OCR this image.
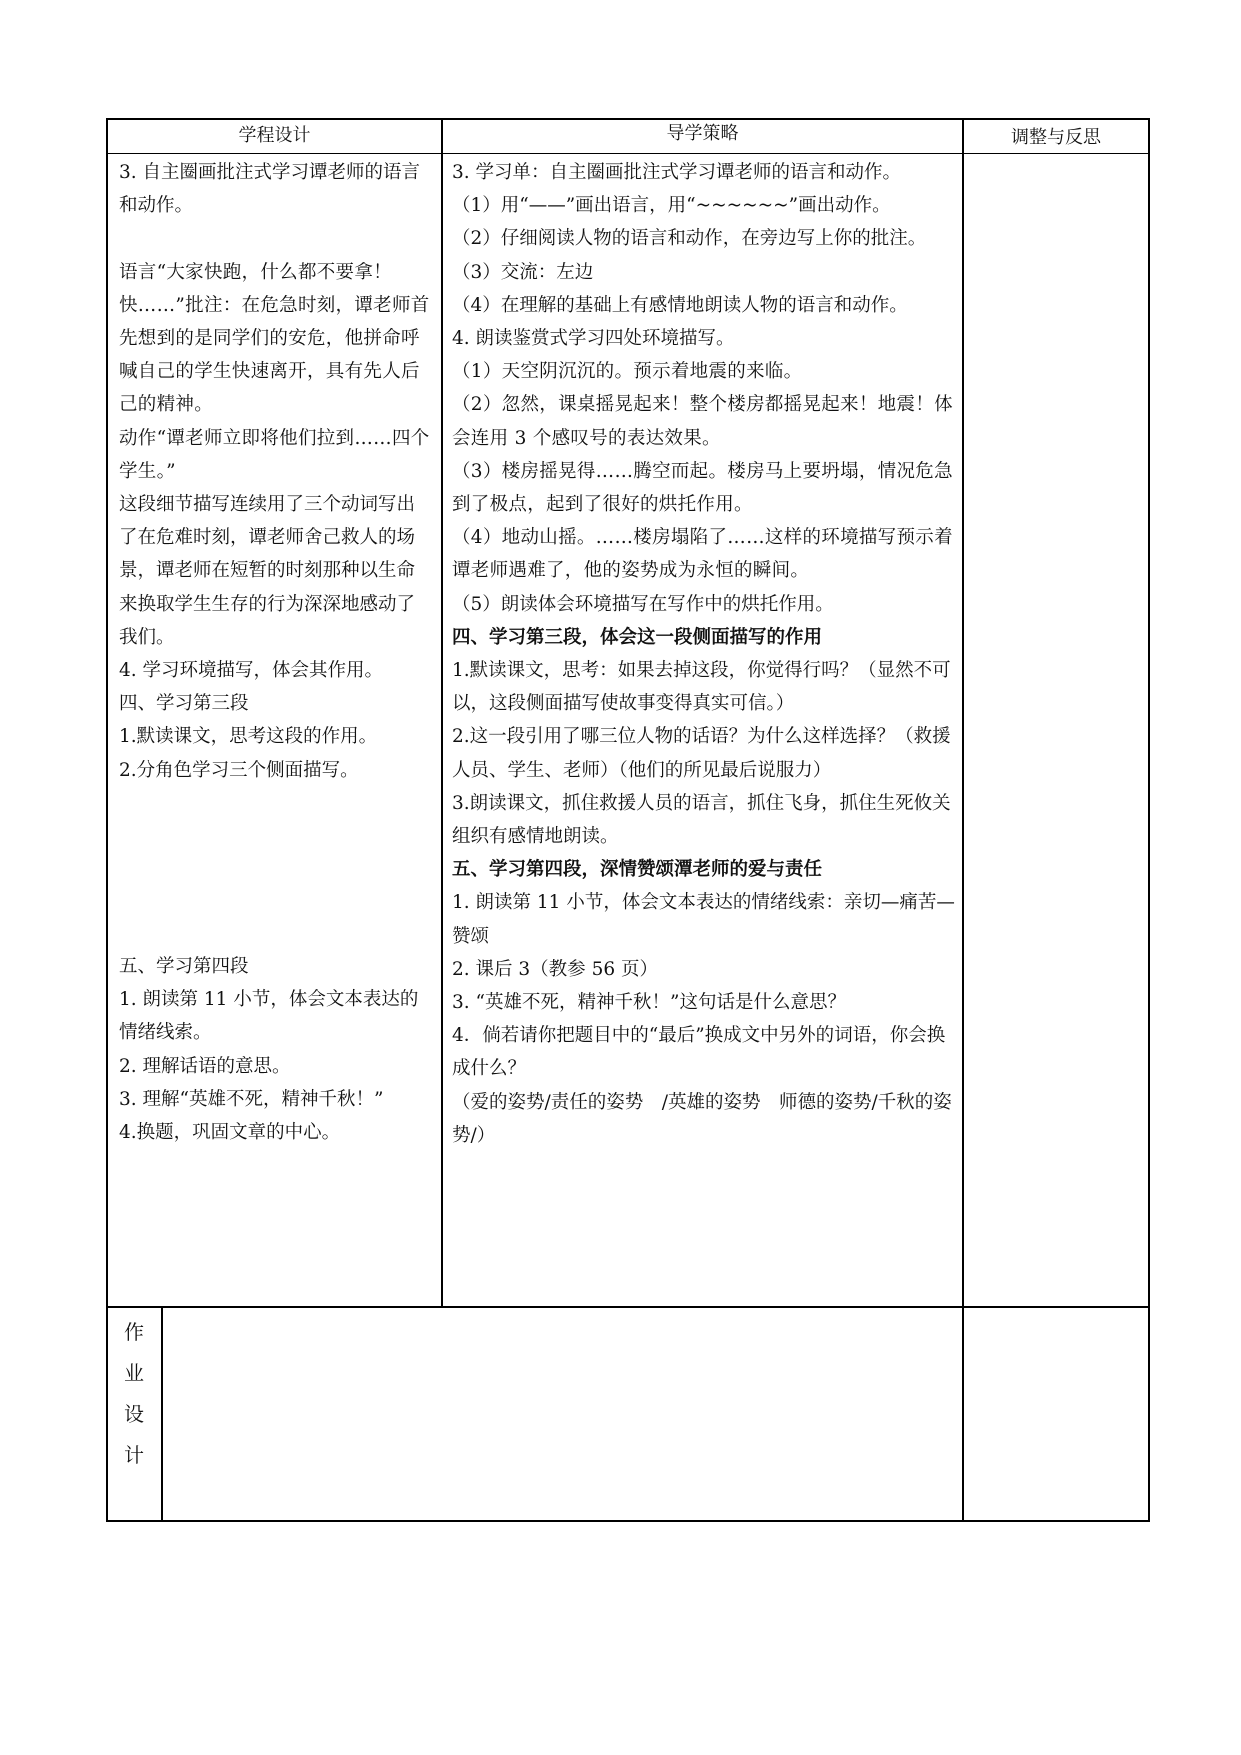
学程设计	导学策略	调整与反思

3. 自主圈画批注式学习谭老师的语言和动作。

语言“大家快跑，什么都不要拿！快……”批注：在危急时刻，谭老师首先想到的是同学们的安危，他拼命呼喊自己的学生快速离开，具有先人后己的精神。

动作“谭老师立即将他们拉到……四个学生。”

这段细节描写连续用了三个动词写出了在危难时刻，谭老师舍己救人的场景，谭老师在短暂的时刻那种以生命来换取学生生存的行为深深地感动了我们。

4. 学习环境描写，体会其作用。

四、学习第三段

1.默读课文，思考这段的作用。

2.分角色学习三个侧面描写。

五、学习第四段

1. 朗读第 11 小节，体会文本表达的情绪线索。

2. 理解话语的意思。

3. 理解“英雄不死，精神千秋！”

4.换题，巩固文章的中心。

3. 学习单：自主圈画批注式学习谭老师的语言和动作。

（1）用“——”画出语言，用“~~~~~~”画出动作。

（2）仔细阅读人物的语言和动作，在旁边写上你的批注。

（3）交流：左边

（4）在理解的基础上有感情地朗读人物的语言和动作。

4. 朗读鉴赏式学习四处环境描写。

（1）天空阴沉沉的。预示着地震的来临。

（2）忽然，课桌摇晃起来！整个楼房都摇晃起来！地震！体会连用 3 个感叹号的表达效果。

（3）楼房摇晃得……腾空而起。楼房马上要坍塌，情况危急到了极点，起到了很好的烘托作用。

（4）地动山摇。……楼房塌陷了……这样的环境描写预示着谭老师遇难了，他的姿势成为永恒的瞬间。

（5）朗读体会环境描写在写作中的烘托作用。

四、学习第三段，体会这一段侧面描写的作用

1.默读课文，思考：如果去掉这段，你觉得行吗？（显然不可以，这段侧面描写使故事变得真实可信。）

2.这一段引用了哪三位人物的话语？为什么这样选择？（救援人员、学生、老师）（他们的所见最后说服力）

3.朗读课文，抓住救援人员的语言，抓住飞身，抓住生死攸关组织有感情地朗读。

五、学习第四段，深情赞颂潭老师的爱与责任

1. 朗读第 11 小节，体会文本表达的情绪线索：亲切—痛苦—赞颂

2. 课后 3（教参 56 页）

3. “英雄不死，精神千秋！”这句话是什么意思？

4．倘若请你把题目中的“最后”换成文中另外的词语，你会换成什么？

（爱的姿势/责任的姿势　/英雄的姿势　师德的姿势/千秋的姿势/）

作
业
设
计
